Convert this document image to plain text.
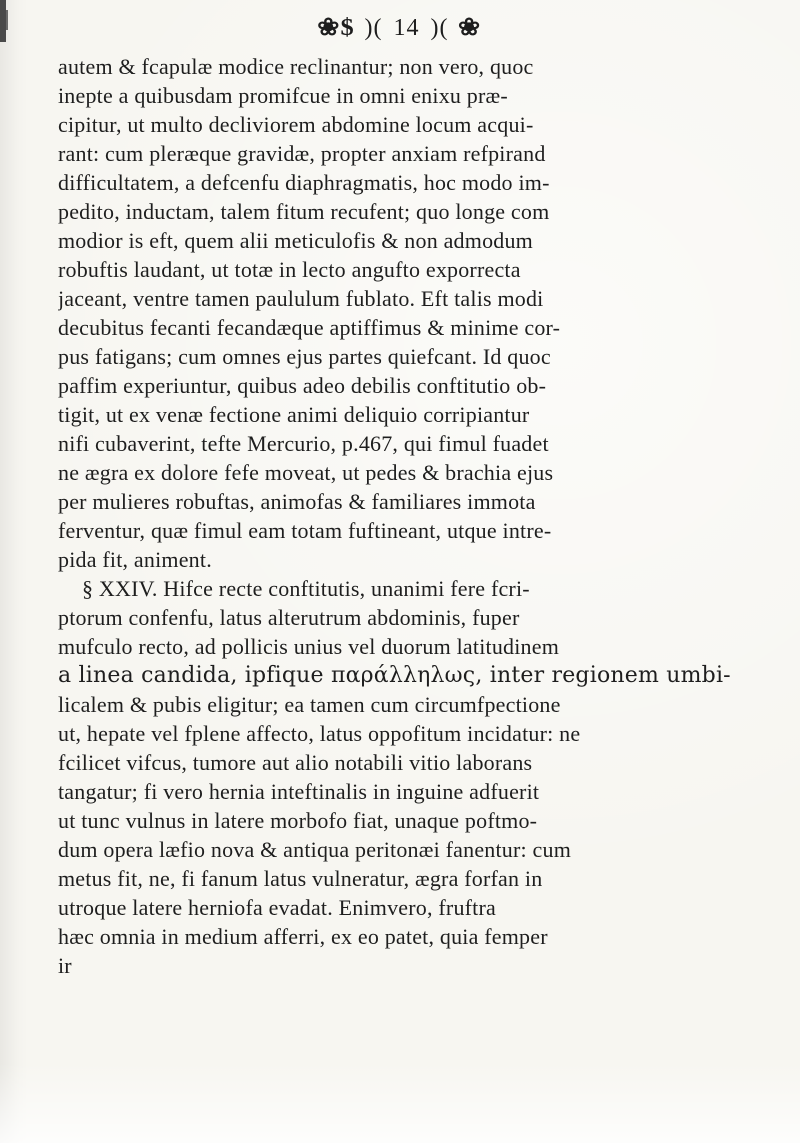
❀$ )( 14 )( ❀
autem & fcapulæ modice reclinantur; non vero, quoc
inepte a quibusdam promifcue in omni enixu præ-
cipitur, ut multo decliviorem abdomine locum acqui-
rant: cum pleræque gravidæ, propter anxiam refpirand
difficultatem, a defcenfu diaphragmatis, hoc modo im-
pedito, inductam, talem fitum recufent; quo longe com
modior is eft, quem alii meticulofis & non admodum
robuftis laudant, ut totæ in lecto angufto exporrecta
jaceant, ventre tamen paululum fublato. Eft talis modi
decubitus fecanti fecandæque aptiffimus & minime cor-
pus fatigans; cum omnes ejus partes quiefcant. Id quoc
paffim experiuntur, quibus adeo debilis conftitutio ob-
tigit, ut ex venæ fectione animi deliquio corripiantur
nifi cubaverint, tefte Mercurio, p.467, qui fimul fuadet
ne ægra ex dolore fefe moveat, ut pedes & brachia ejus
per mulieres robuftas, animofas & familiares immota
ferventur, quæ fimul eam totam fuftineant, utque intre-
pida fit, animent.
§ XXIV. Hifce recte conftitutis, unanimi fere fcri-
ptorum confenfu, latus alterutrum abdominis, fuper
mufculo recto, ad pollicis unius vel duorum latitudinem
a linea candida, ipfique παράλληλως, inter regionem umbi-
licalem & pubis eligitur; ea tamen cum circumfpectione
ut, hepate vel fplene affecto, latus oppofitum incidatur: ne
fcilicet vifcus, tumore aut alio notabili vitio laborans
tangatur; fi vero hernia inteftinalis in inguine adfuerit
ut tunc vulnus in latere morbofo fiat, unaque poftmo-
dum opera læfio nova & antiqua peritonæi fanentur: cum
metus fit, ne, fi fanum latus vulneratur, ægra forfan in
utroque latere herniofa evadat. Enimvero, fruftra
hæc omnia in medium afferri, ex eo patet, quia femper
ir
